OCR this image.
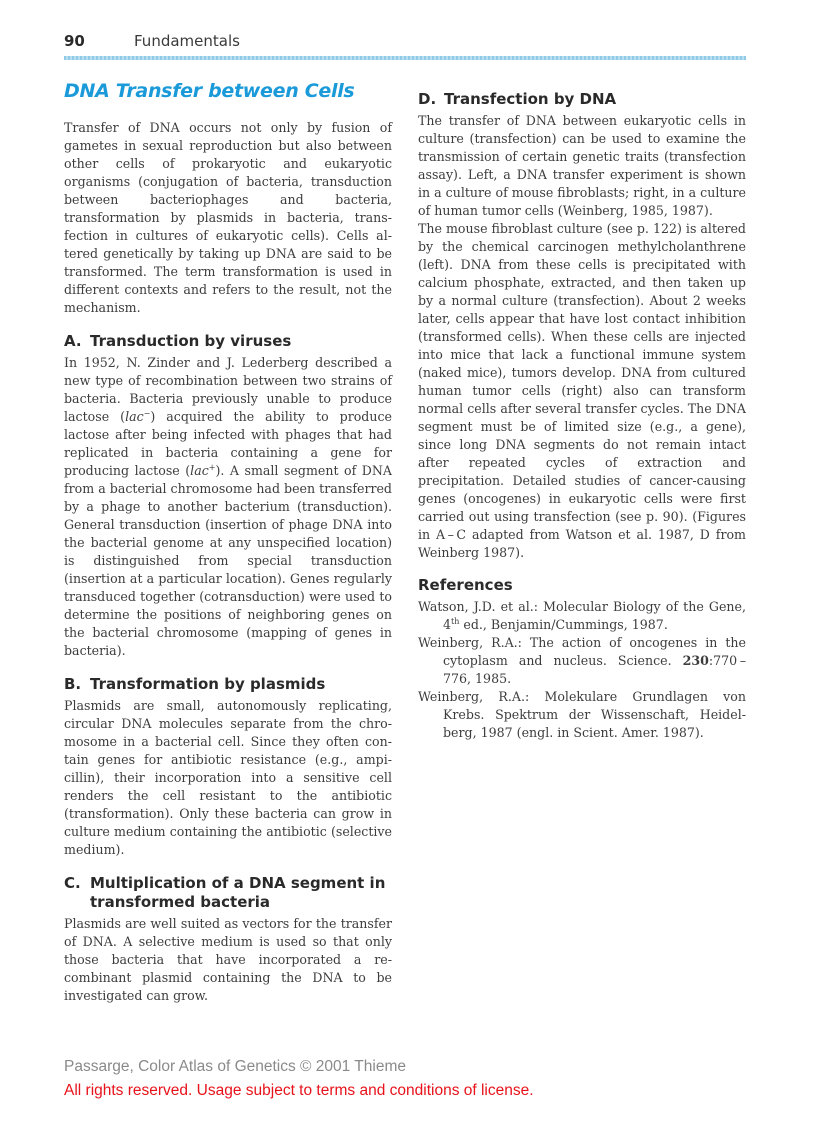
90	Fundamentals
DNA Transfer between Cells

Transfer of DNA occurs not only by fusion of gametes in sexual reproduction but also between other cells of prokaryotic and eukaryotic organisms (conjugation of bacteria, transduction between bacteriophages and bacteria, transformation by plasmids in bacteria, transfection in cultures of eukaryotic cells). Cells altered genetically by taking up DNA are said to be transformed. The term transformation is used in different contexts and refers to the result, not the mechanism.

A. Transduction by viruses

In 1952, N. Zinder and J. Lederberg described a new type of recombination between two strains of bacteria. Bacteria previously unable to produce lactose (lac−) acquired the ability to produce lactose after being infected with phages that had replicated in bacteria containing a gene for producing lactose (lac+). A small segment of DNA from a bacterial chromosome had been transferred by a phage to another bacterium (transduction). General transduction (insertion of phage DNA into the bacterial genome at any unspecified location) is distinguished from special transduction (insertion at a particular location). Genes regularly transduced together (cotransduction) were used to determine the positions of neighboring genes on the bacterial chromosome (mapping of genes in bacteria).

B. Transformation by plasmids

Plasmids are small, autonomously replicating, circular DNA molecules separate from the chromosome in a bacterial cell. Since they often contain genes for antibiotic resistance (e.g., ampicillin), their incorporation into a sensitive cell renders the cell resistant to the antibiotic (transformation). Only these bacteria can grow in culture medium containing the antibiotic (selective medium).

C. Multiplication of a DNA segment in transformed bacteria

Plasmids are well suited as vectors for the transfer of DNA. A selective medium is used so that only those bacteria that have incorporated a recombinant plasmid containing the DNA to be investigated can grow.

D. Transfection by DNA

The transfer of DNA between eukaryotic cells in culture (transfection) can be used to examine the transmission of certain genetic traits (transfection assay). Left, a DNA transfer experiment is shown in a culture of mouse fibroblasts; right, in a culture of human tumor cells (Weinberg, 1985, 1987).

The mouse fibroblast culture (see p. 122) is altered by the chemical carcinogen methylcholanthrene (left). DNA from these cells is precipitated with calcium phosphate, extracted, and then taken up by a normal culture (transfection). About 2 weeks later, cells appear that have lost contact inhibition (transformed cells). When these cells are injected into mice that lack a functional immune system (naked mice), tumors develop. DNA from cultured human tumor cells (right) also can transform normal cells after several transfer cycles. The DNA segment must be of limited size (e.g., a gene), since long DNA segments do not remain intact after repeated cycles of extraction and precipitation. Detailed studies of cancer-causing genes (oncogenes) in eukaryotic cells were first carried out using transfection (see p. 90). (Figures in A – C adapted from Watson et al. 1987, D from Weinberg 1987).

References

Watson, J.D. et al.: Molecular Biology of the Gene, 4th ed., Benjamin/Cummings, 1987.

Weinberg, R.A.: The action of oncogenes in the cytoplasm and nucleus. Science. 230:770 – 776, 1985.

Weinberg, R.A.: Molekulare Grundlagen von Krebs. Spektrum der Wissenschaft, Heidelberg, 1987 (engl. in Scient. Amer. 1987).

Passarge, Color Atlas of Genetics © 2001 Thieme
All rights reserved. Usage subject to terms and conditions of license.
